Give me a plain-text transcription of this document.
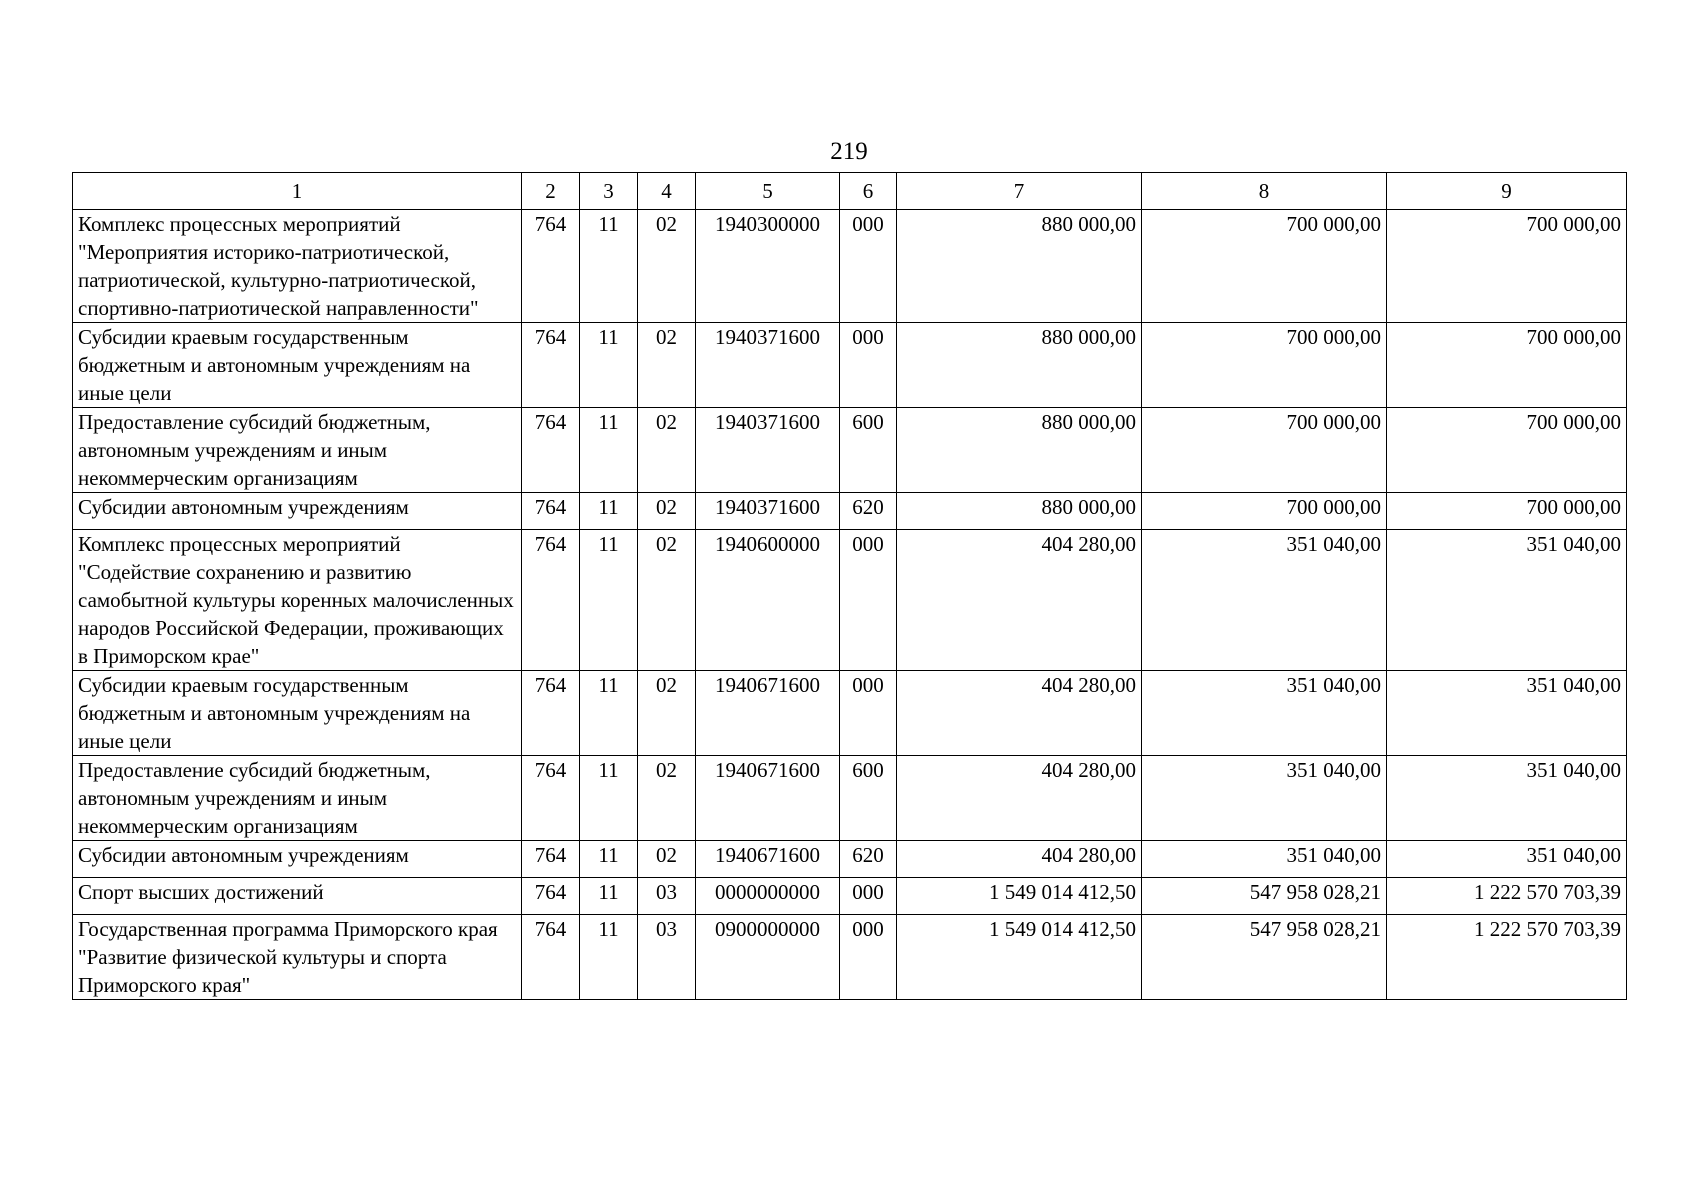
219
1	2	3	4	5	6	7	8	9
Комплекс процессных мероприятий "Мероприятия историко-патриотической, патриотической, культурно-патриотической, спортивно-патриотической направленности"	764	11	02	1940300000	000	880 000,00	700 000,00	700 000,00
Субсидии краевым государственным бюджетным и автономным учреждениям на иные цели	764	11	02	1940371600	000	880 000,00	700 000,00	700 000,00
Предоставление субсидий бюджетным, автономным учреждениям и иным некоммерческим организациям	764	11	02	1940371600	600	880 000,00	700 000,00	700 000,00
Субсидии автономным учреждениям	764	11	02	1940371600	620	880 000,00	700 000,00	700 000,00
Комплекс процессных мероприятий "Содействие сохранению и развитию самобытной культуры коренных малочисленных народов Российской Федерации, проживающих в Приморском крае"	764	11	02	1940600000	000	404 280,00	351 040,00	351 040,00
Субсидии краевым государственным бюджетным и автономным учреждениям на иные цели	764	11	02	1940671600	000	404 280,00	351 040,00	351 040,00
Предоставление субсидий бюджетным, автономным учреждениям и иным некоммерческим организациям	764	11	02	1940671600	600	404 280,00	351 040,00	351 040,00
Субсидии автономным учреждениям	764	11	02	1940671600	620	404 280,00	351 040,00	351 040,00
Спорт высших достижений	764	11	03	0000000000	000	1 549 014 412,50	547 958 028,21	1 222 570 703,39
Государственная программа Приморского края "Развитие физической культуры и спорта Приморского края"	764	11	03	0900000000	000	1 549 014 412,50	547 958 028,21	1 222 570 703,39
